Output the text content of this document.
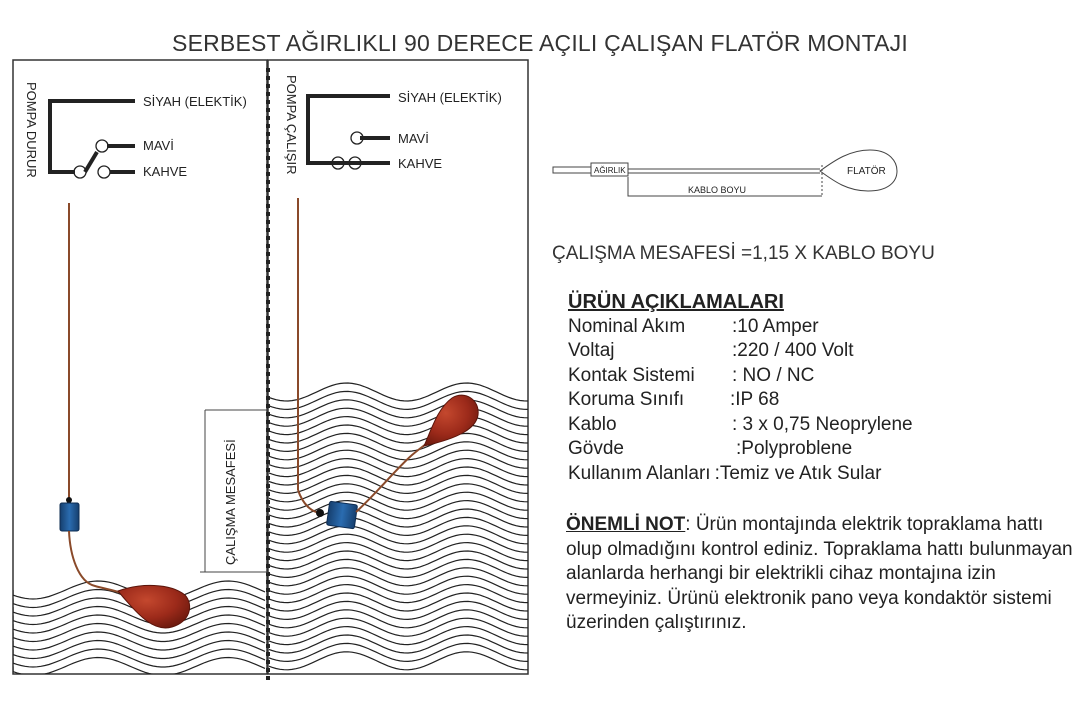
SERBEST AĞIRLIKLI 90 DERECE AÇILI ÇALIŞAN FLATÖR MONTAJI
POMPA DURUR	SİYAH (ELEKTİK)
MAVİ
KAHVE	POMPA ÇALIŞIR	SİYAH (ELEKTİK)
MAVİ
KAHVE
ÇALIŞMA MESAFESİ
AĞIRLIK	FLATÖR
KABLO BOYU
ÇALIŞMA MESAFESİ =1,15 X KABLO BOYU
ÜRÜN AÇIKLAMALARI
Nominal Akım	:10 Amper
Voltaj	:220 / 400 Volt
Kontak Sistemi	: NO / NC
Koruma Sınıfı	:IP 68
Kablo	: 3 x 0,75 Neoprylene
Gövde	:Polyproblene
Kullanım Alanları :Temiz ve Atık Sular
ÖNEMLİ NOT: Ürün montajında elektrik topraklama hattı olup olmadığını kontrol ediniz. Topraklama hattı bulunmayan alanlarda herhangi bir elektrikli cihaz montajına izin vermeyiniz. Ürünü elektronik pano veya kondaktör sistemi üzerinden çalıştırınız.
